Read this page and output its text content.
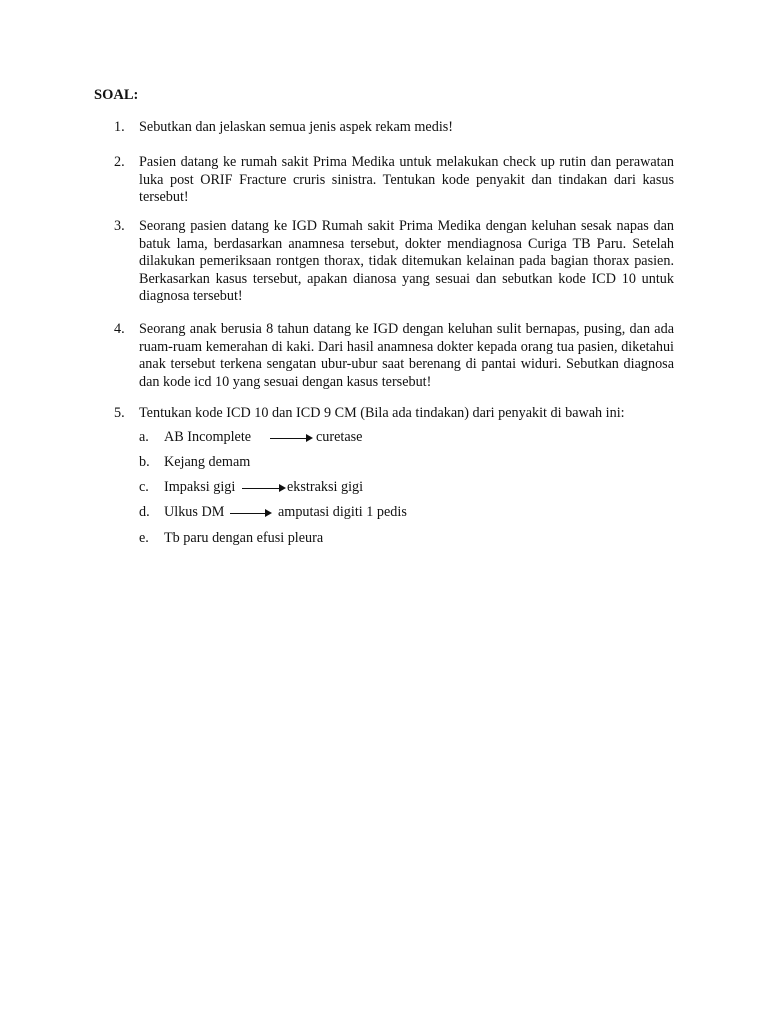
SOAL:
1. Sebutkan dan jelaskan semua jenis aspek rekam medis!
2. Pasien datang ke rumah sakit Prima Medika untuk melakukan check up rutin dan perawatan luka post ORIF Fracture cruris sinistra. Tentukan kode penyakit dan tindakan dari kasus tersebut!
3. Seorang pasien datang ke IGD Rumah sakit Prima Medika dengan keluhan sesak napas dan batuk lama, berdasarkan anamnesa tersebut, dokter mendiagnosa Curiga TB Paru. Setelah dilakukan pemeriksaan rontgen thorax, tidak ditemukan kelainan pada bagian thorax pasien. Berkasarkan kasus tersebut, apakan dianosa yang sesuai dan sebutkan kode ICD 10 untuk diagnosa tersebut!
4. Seorang anak berusia 8 tahun datang ke IGD dengan keluhan sulit bernapas, pusing, dan ada ruam-ruam kemerahan di kaki. Dari hasil anamnesa dokter kepada orang tua pasien, diketahui anak tersebut terkena sengatan ubur-ubur saat berenang di pantai widuri. Sebutkan diagnosa dan kode icd 10 yang sesuai dengan kasus tersebut!
5. Tentukan kode ICD 10 dan ICD 9 CM (Bila ada tindakan) dari penyakit di bawah ini:
a. AB Incomplete	curetase
b. Kejang demam
c. Impaksi gigi	ekstraksi gigi
d. Ulkus DM	amputasi digiti 1 pedis
e. Tb paru dengan efusi pleura
